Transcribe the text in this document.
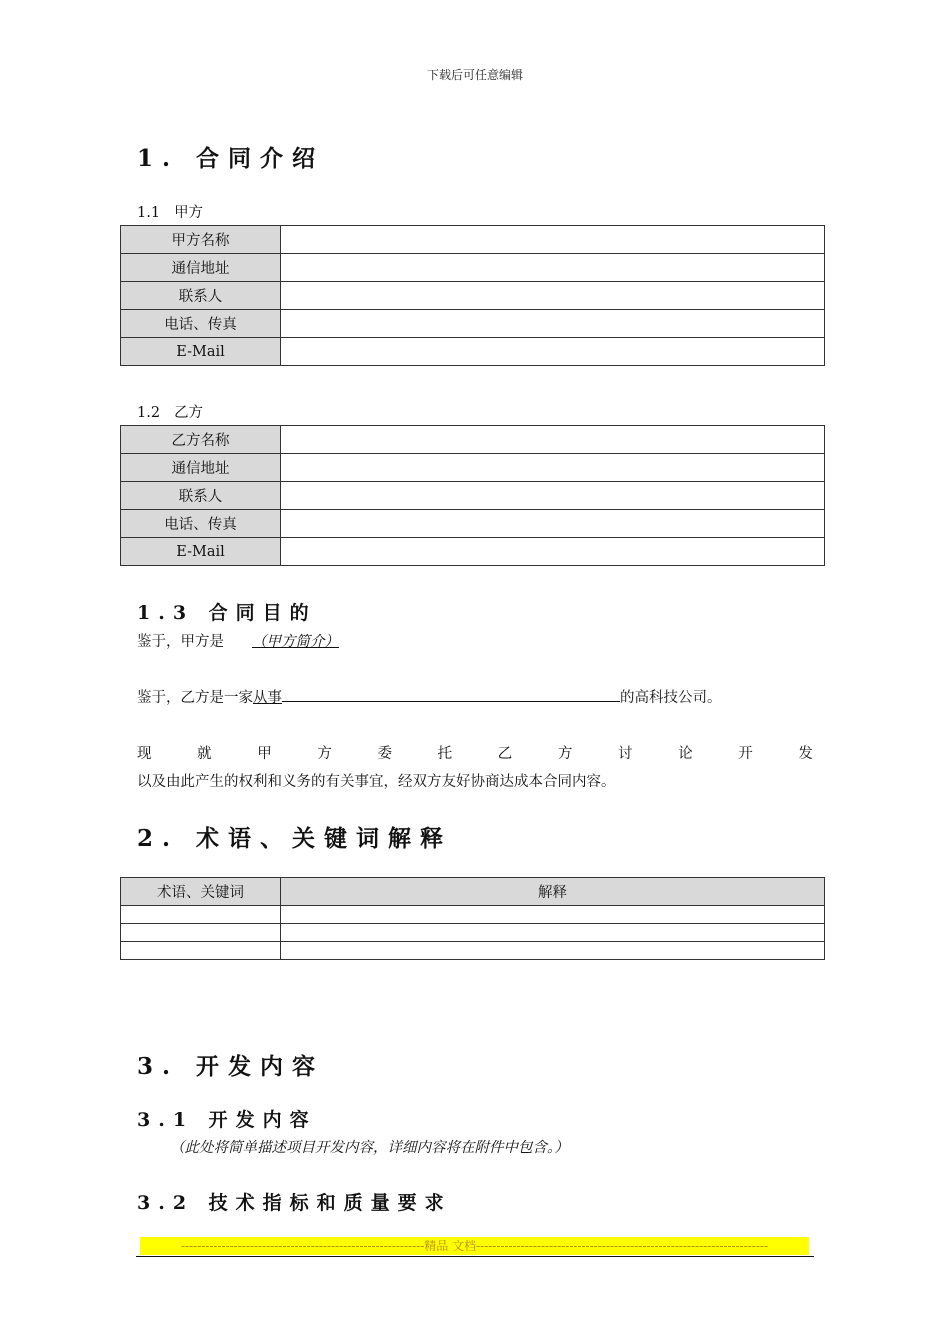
下载后可任意编辑
1. 合同介绍
1.1 甲方
甲方名称	
通信地址	
联系人	
电话、传真	
E-Mail	
1.2 乙方
乙方名称	
通信地址	
联系人	
电话、传真	
E-Mail	
1.3 合同目的
鉴于，甲方是 （甲方简介）
鉴于，乙方是一家从事	的高科技公司。
现	就	甲	方	委	托	乙	方	讨	论	开	发
以及由此产生的权利和义务的有关事宜，经双方友好协商达成本合同内容。
2. 术语、关键词解释
术语、关键词	解释

3. 开发内容
3.1 开发内容
（此处将简单描述项目开发内容，详细内容将在附件中包含。）
3.2 技术指标和质量要求
------------------------------------------------------------精品 文档------------------------------------------------------------------------
